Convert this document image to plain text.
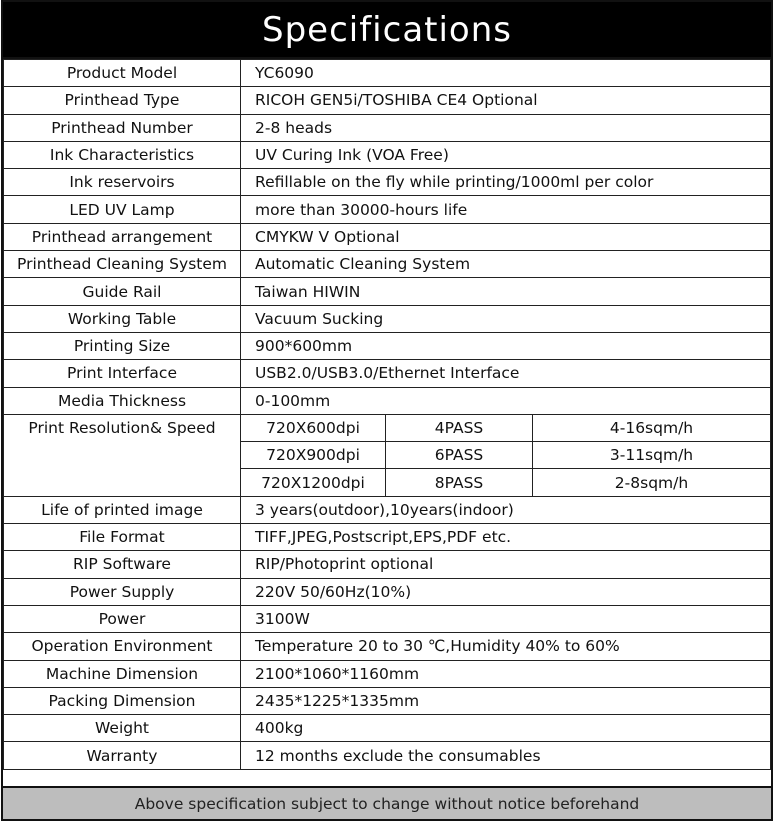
Specifications
Product Model	YC6090		
Printhead Type	RICOH GEN5i/TOSHIBA CE4 Optional		
Printhead Number	2-8 heads		
Ink Characteristics	UV Curing Ink (VOA Free)		
Ink reservoirs	Refillable on the fly while printing/1000ml per color		
LED UV Lamp	more than 30000-hours life		
Printhead arrangement	CMYKW V Optional		
Printhead Cleaning System	Automatic Cleaning System		
Guide Rail	Taiwan HIWIN		
Working Table	Vacuum Sucking		
Printing Size	900*600mm		
Print Interface	USB2.0/USB3.0/Ethernet Interface		
Media Thickness	0-100mm		
Print Resolution& Speed	720X600dpi	4PASS	4-16sqm/h
	720X900dpi	6PASS	3-11sqm/h
	720X1200dpi	8PASS	2-8sqm/h
Life of printed image	3 years(outdoor),10years(indoor)		
File Format	TIFF,JPEG,Postscript,EPS,PDF etc.		
RIP Software	RIP/Photoprint optional		
Power Supply	220V 50/60Hz(10%)		
Power	3100W		
Operation Environment	Temperature 20 to 30 ℃,Humidity 40% to 60%		
Machine Dimension	2100*1060*1160mm		
Packing Dimension	2435*1225*1335mm		
Weight	400kg		
Warranty	12 months exclude the consumables		
Above specification subject to change without notice beforehand
